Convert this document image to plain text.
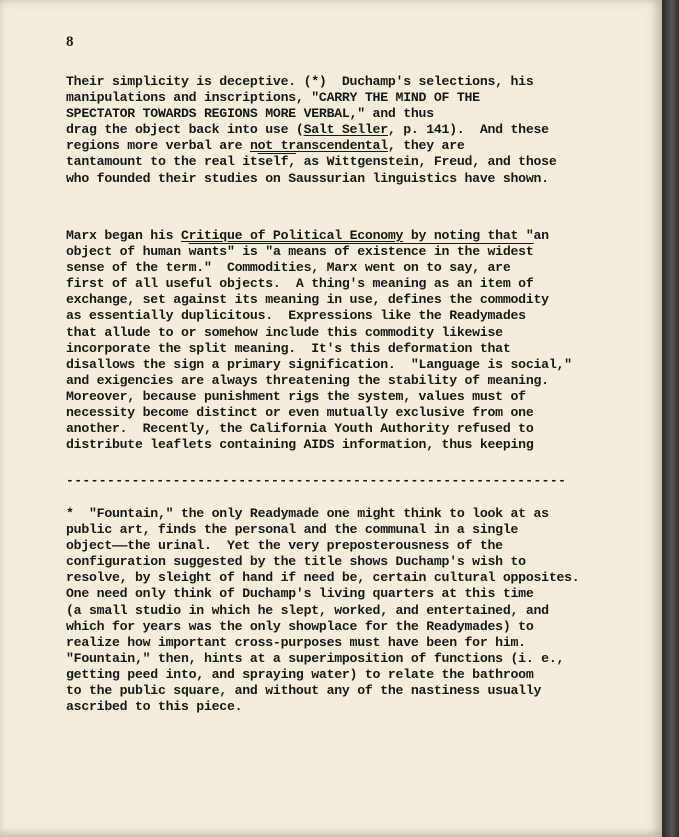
8
Their simplicity is deceptive. (*)  Duchamp's selections, his
manipulations and inscriptions, "CARRY THE MIND OF THE
SPECTATOR TOWARDS REGIONS MORE VERBAL," and thus
drag the object back into use (Salt Seller, p. 141).  And these
regions more verbal are not transcendental, they are
tantamount to the real itself, as Wittgenstein, Freud, and those
who founded their studies on Saussurian linguistics have shown.
Marx began his Critique of Political Economy by noting that "an
object of human wants" is "a means of existence in the widest
sense of the term."  Commodities, Marx went on to say, are
first of all useful objects.  A thing's meaning as an item of
exchange, set against its meaning in use, defines the commodity
as essentially duplicitous.  Expressions like the Readymades
that allude to or somehow include this commodity likewise
incorporate the split meaning.  It's this deformation that
disallows the sign a primary signification.  "Language is social,"
and exigencies are always threatening the stability of meaning.
Moreover, because punishment rigs the system, values must of
necessity become distinct or even mutually exclusive from one
another.  Recently, the California Youth Authority refused to
distribute leaflets containing AIDS information, thus keeping
-------------------------------------------------------------
*  "Fountain," the only Readymade one might think to look at as
public art, finds the personal and the communal in a single
object——the urinal.  Yet the very preposterousness of the
configuration suggested by the title shows Duchamp's wish to
resolve, by sleight of hand if need be, certain cultural opposites.
One need only think of Duchamp's living quarters at this time
(a small studio in which he slept, worked, and entertained, and
which for years was the only showplace for the Readymades) to
realize how important cross-purposes must have been for him.
"Fountain," then, hints at a superimposition of functions (i. e.,
getting peed into, and spraying water) to relate the bathroom
to the public square, and without any of the nastiness usually
ascribed to this piece.
